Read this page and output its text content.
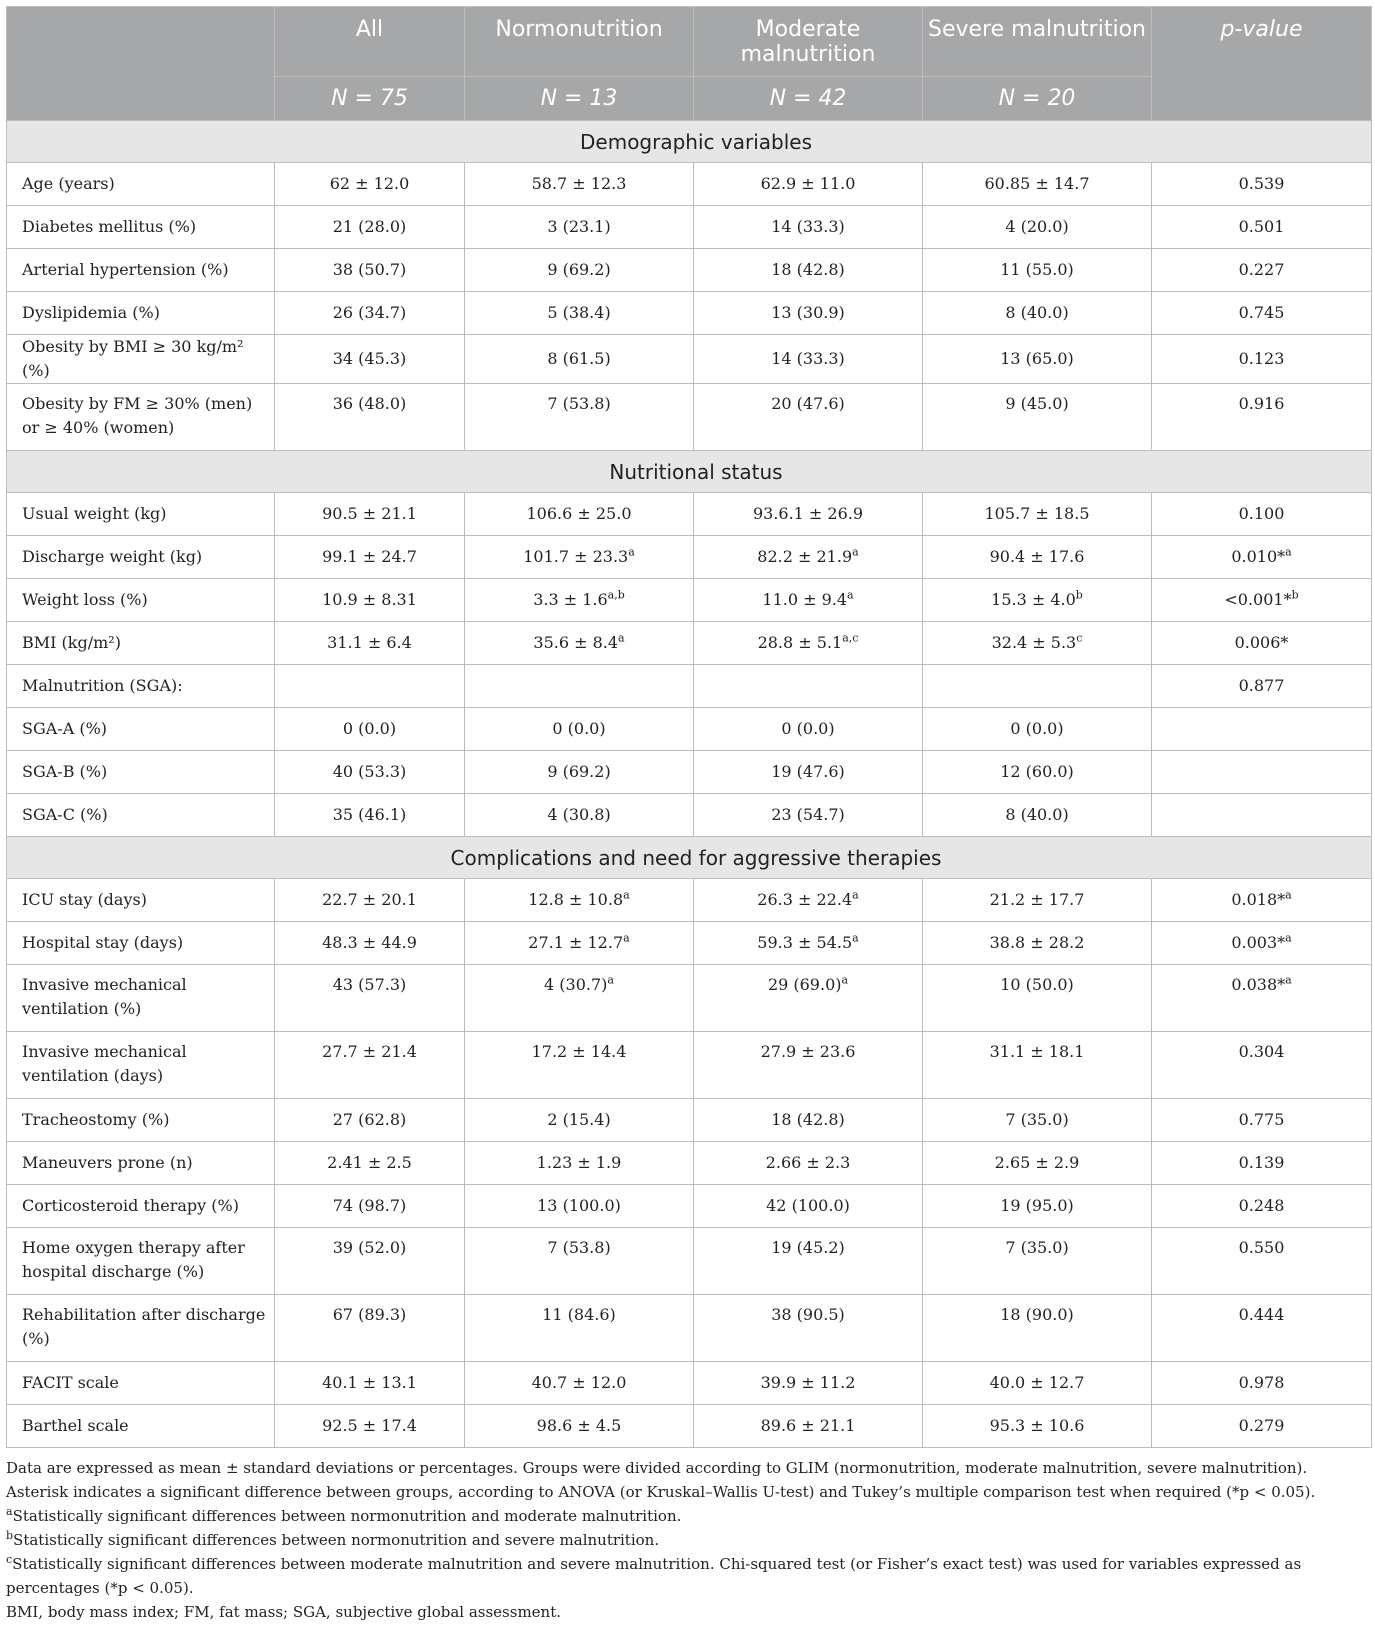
	All	Normonutrition	Moderate malnutrition	Severe malnutrition	p-value
	N = 75	N = 13	N = 42	N = 20	
Demographic variables					
Age (years)	62 ± 12.0	58.7 ± 12.3	62.9 ± 11.0	60.85 ± 14.7	0.539
Diabetes mellitus (%)	21 (28.0)	3 (23.1)	14 (33.3)	4 (20.0)	0.501
Arterial hypertension (%)	38 (50.7)	9 (69.2)	18 (42.8)	11 (55.0)	0.227
Dyslipidemia (%)	26 (34.7)	5 (38.4)	13 (30.9)	8 (40.0)	0.745
Obesity by BMI ≥ 30 kg/m² (%)	34 (45.3)	8 (61.5)	14 (33.3)	13 (65.0)	0.123
Obesity by FM ≥ 30% (men) or ≥ 40% (women)	36 (48.0)	7 (53.8)	20 (47.6)	9 (45.0)	0.916
Nutritional status					
Usual weight (kg)	90.5 ± 21.1	106.6 ± 25.0	93.6.1 ± 26.9	105.7 ± 18.5	0.100
Discharge weight (kg)	99.1 ± 24.7	101.7 ± 23.3$^a$	82.2 ± 21.9$^a$	90.4 ± 17.6	0.010*$^a$
Weight loss (%)	10.9 ± 8.31	$3.3 \pm 1.6^{a,b}$	11.0 ± 9.4$^a$	15.3 ± 4.0$^b$	<0.001*$^b$
BMI (kg/m²)	31.1 ± 6.4	35.6 ± 8.4$^a$	$28.8 \pm 5.1^{a,c}$	32.4 ± 5.3$^c$	0.006*
Malnutrition (SGA):					0.877
SGA-A (%)	0 (0.0)	0 (0.0)	0 (0.0)	0 (0.0)	
SGA-B (%)	40 (53.3)	9 (69.2)	19 (47.6)	12 (60.0)	
SGA-C (%)	35 (46.1)	4 (30.8)	23 (54.7)	8 (40.0)	
Complications and need for aggressive therapies					
ICU stay (days)	22.7 ± 20.1	12.8 ± 10.8$^a$	26.3 ± 22.4$^a$	21.2 ± 17.7	0.018*$^a$
Hospital stay (days)	48.3 ± 44.9	27.1 ± 12.7$^a$	59.3 ± 54.5$^a$	38.8 ± 28.2	0.003*$^a$
Invasive mechanical ventilation (%)	43 (57.3)	4 $(30.7)^a$	29 $(69.0)^a$	10 (50.0)	0.038*$^a$
Invasive mechanical ventilation (days)	27.7 ± 21.4	17.2 ± 14.4	27.9 ± 23.6	31.1 ± 18.1	0.304
Tracheostomy (%)	27 (62.8)	2 (15.4)	18 (42.8)	7 (35.0)	0.775
Maneuvers prone (n)	2.41 ± 2.5	1.23 ± 1.9	2.66 ± 2.3	2.65 ± 2.9	0.139
Corticosteroid therapy (%)	74 (98.7)	13 (100.0)	42 (100.0)	19 (95.0)	0.248
Home oxygen therapy after hospital discharge (%)	39 (52.0)	7 (53.8)	19 (45.2)	7 (35.0)	0.550
Rehabilitation after discharge (%)	67 (89.3)	11 (84.6)	38 (90.5)	18 (90.0)	0.444
FACIT scale	40.1 ± 13.1	40.7 ± 12.0	39.9 ± 11.2	40.0 ± 12.7	0.978
Barthel scale	92.5 ± 17.4	98.6 ± 4.5	89.6 ± 21.1	95.3 ± 10.6	0.279

Data are expressed as mean ± standard deviations or percentages. Groups were divided according to GLIM (normonutrition, moderate malnutrition, severe malnutrition). Asterisk indicates a significant difference between groups, according to ANOVA (or Kruskal–Wallis U-test) and Tukey’s multiple comparison test when required (*p < 0.05).

$^a$Statistically significant differences between normonutrition and moderate malnutrition.

$^b$Statistically significant differences between normonutrition and severe malnutrition.

$^c$Statistically significant differences between moderate malnutrition and severe malnutrition. Chi-squared test (or Fisher’s exact test) was used for variables expressed as percentages (*p < 0.05).

BMI, body mass index; FM, fat mass; SGA, subjective global assessment.
